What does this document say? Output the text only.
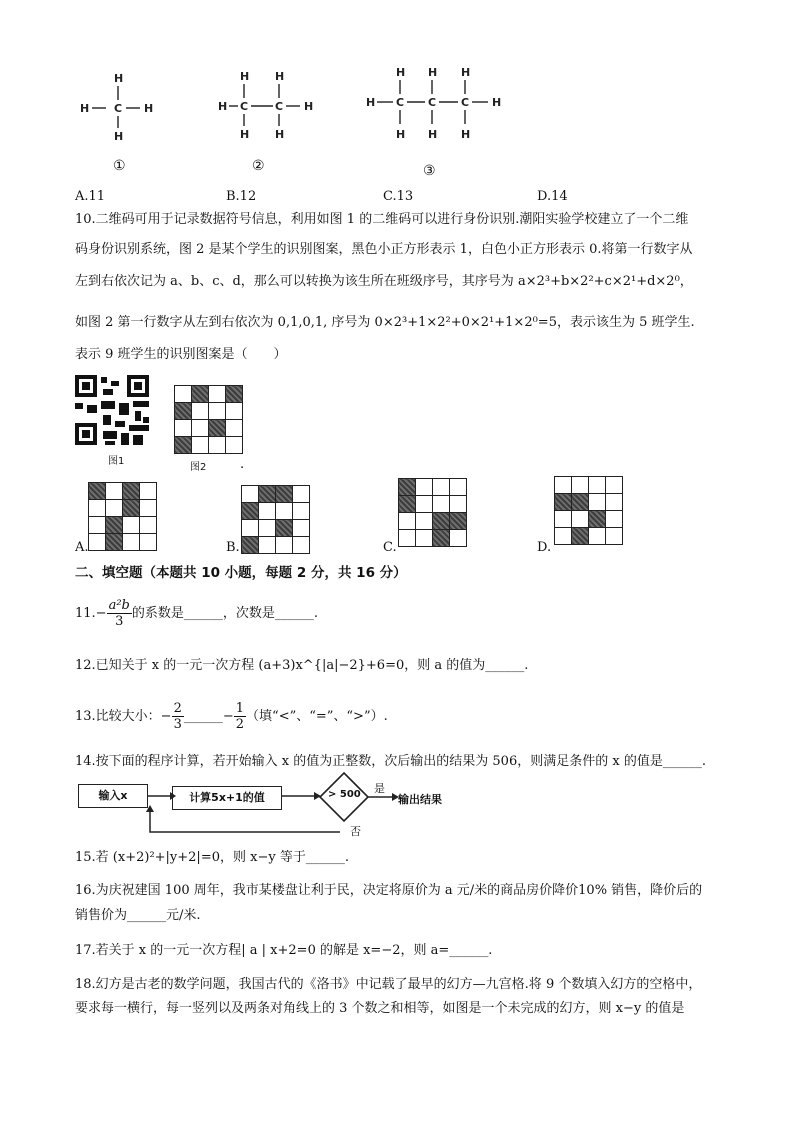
H
H C H
H
H H
H C C H
H H
H H H
H C C C H
H H H
①	②	③
A.11	B.12	C.13	D.14
10.二维码可用于记录数据符号信息，利用如图 1 的二维码可以进行身份识别.潮阳实验学校建立了一个二维
码身份识别系统，图 2 是某个学生的识别图案，黑色小正方形表示 1，白色小正方形表示 0.将第一行数字从
左到右依次记为 a、b、c、d，那么可以转换为该生所在班级序号，其序号为 a×2³+b×2²+c×2¹+d×2⁰，
如图 2 第一行数字从左到右依次为 0,1,0,1, 序号为 0×2³+1×2²+0×2¹+1×2⁰=5，表示该生为 5 班学生.
表示 9 班学生的识别图案是（　　）
图1

图2	.

A.

				B.

				C.

				D.
二、填空题（本题共 10 小题，每题 2 分，共 16 分）
$11.- \frac{\text{a²b}}{3}$ 的系数是______，次数是______.
12.已知关于 x 的一元一次方程 (a+3)x^{|a|−2}+6=0，则 a 的值为______.
13.比较大小：− $\frac{2}{3}$ ______− $\frac{1}{2}$ （填“<”、“=”、“>”）.
14.按下面的程序计算，若开始输入 x 的值为正整数，次后输出的结果为 506，则满足条件的 x 的值是______.
输入x	计算5x+1的值	> 500 是
输出结果
否
15.若 (x+2)²+|y+2|=0，则 x−y 等于______.
16.为庆祝建国 100 周年，我市某楼盘让利于民，决定将原价为 a 元/米的商品房价降价10% 销售，降价后的
销售价为______元/米.
17.若关于 x 的一元一次方程| a | x+2=0 的解是 x=−2，则 a=______.
18.幻方是古老的数学问题，我国古代的《洛书》中记载了最早的幻方—九宫格.将 9 个数填入幻方的空格中，
要求每一横行，每一竖列以及两条对角线上的 3 个数之和相等，如图是一个未完成的幻方，则 x−y 的值是
